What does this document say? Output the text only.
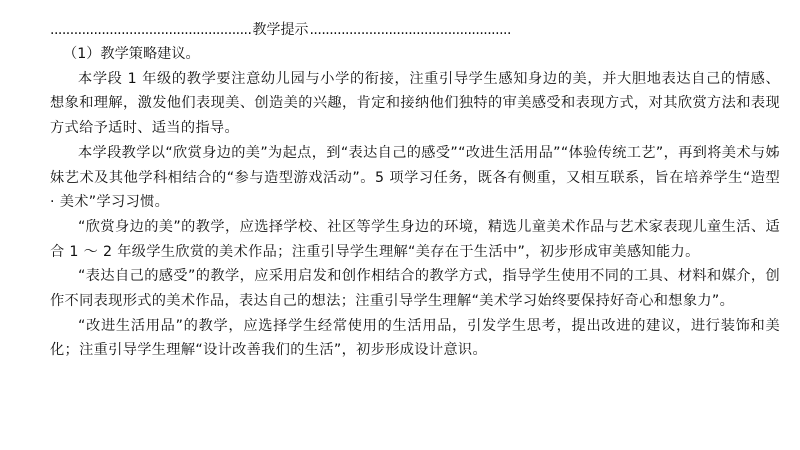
...................................................教学提示...................................................

（1）教学策略建议。

本学段 1 年级的教学要注意幼儿园与小学的衔接，注重引导学生感知身边的美，并大胆地表达自己的情感、想象和理解，激发他们表现美、创造美的兴趣，肯定和接纳他们独特的审美感受和表现方式，对其欣赏方法和表现方式给予适时、适当的指导。

本学段教学以“欣赏身边的美”为起点，到“表达自己的感受”“改进生活用品”“体验传统工艺”，再到将美术与姊妹艺术及其他学科相结合的“参与造型游戏活动”。5 项学习任务，既各有侧重，又相互联系，旨在培养学生“造型 · 美术”学习习惯。

“欣赏身边的美”的教学，应选择学校、社区等学生身边的环境，精选儿童美术作品与艺术家表现儿童生活、适合 1 ～ 2 年级学生欣赏的美术作品；注重引导学生理解“美存在于生活中”，初步形成审美感知能力。

“表达自己的感受”的教学，应采用启发和创作相结合的教学方式，指导学生使用不同的工具、材料和媒介，创作不同表现形式的美术作品，表达自己的想法；注重引导学生理解“美术学习始终要保持好奇心和想象力”。

“改进生活用品”的教学，应选择学生经常使用的生活用品，引发学生思考，提出改进的建议，进行装饰和美化；注重引导学生理解“设计改善我们的生活”，初步形成设计意识。
